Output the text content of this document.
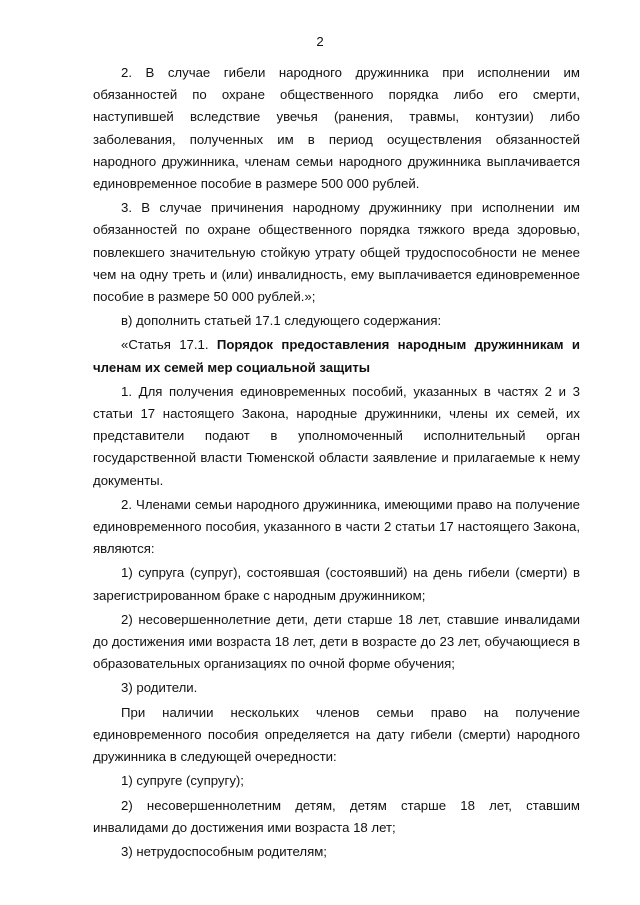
2

2. В случае гибели народного дружинника при исполнении им обязанностей по охране общественного порядка либо его смерти, наступившей вследствие увечья (ранения, травмы, контузии) либо заболевания, полученных им в период осуществления обязанностей народного дружинника, членам семьи народного дружинника выплачивается единовременное пособие в размере 500 000 рублей.

3. В случае причинения народному дружиннику при исполнении им обязанностей по охране общественного порядка тяжкого вреда здоровью, повлекшего значительную стойкую утрату общей трудоспособности не менее чем на одну треть и (или) инвалидность, ему выплачивается единовременное пособие в размере 50 000 рублей.»;

в) дополнить статьей 17.1 следующего содержания:

«Статья 17.1. Порядок предоставления народным дружинникам и членам их семей мер социальной защиты

1. Для получения единовременных пособий, указанных в частях 2 и 3 статьи 17 настоящего Закона, народные дружинники, члены их семей, их представители подают в уполномоченный исполнительный орган государственной власти Тюменской области заявление и прилагаемые к нему документы.

2. Членами семьи народного дружинника, имеющими право на получение единовременного пособия, указанного в части 2 статьи 17 настоящего Закона, являются:

1) супруга (супруг), состоявшая (состоявший) на день гибели (смерти) в зарегистрированном браке с народным дружинником;

2) несовершеннолетние дети, дети старше 18 лет, ставшие инвалидами до достижения ими возраста 18 лет, дети в возрасте до 23 лет, обучающиеся в образовательных организациях по очной форме обучения;

3) родители.

При наличии нескольких членов семьи право на получение единовременного пособия определяется на дату гибели (смерти) народного дружинника в следующей очередности:

1) супруге (супругу);

2) несовершеннолетним детям, детям старше 18 лет, ставшим инвалидами до достижения ими возраста 18 лет;

3) нетрудоспособным родителям;
